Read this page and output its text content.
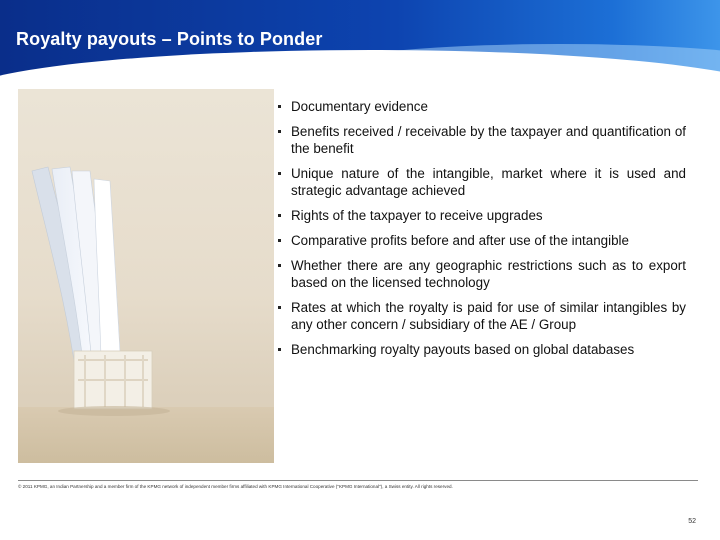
Royalty payouts – Points to Ponder
Documentary evidence
Benefits received / receivable by the taxpayer and quantification of the benefit
Unique nature of the intangible, market where it is used and strategic advantage achieved
Rights of the taxpayer to receive upgrades
Comparative profits before and after use of the intangible
Whether there are any geographic restrictions such as to export based on the licensed technology
Rates at which the royalty is paid for use of similar intangibles by any other concern / subsidiary of the AE / Group
Benchmarking royalty payouts based on global databases
© 2011 KPMG, an Indian Partnership and a member firm of the KPMG network of independent member firms affiliated with KPMG International Cooperative ("KPMG International"), a Swiss entity. All rights reserved.
52
